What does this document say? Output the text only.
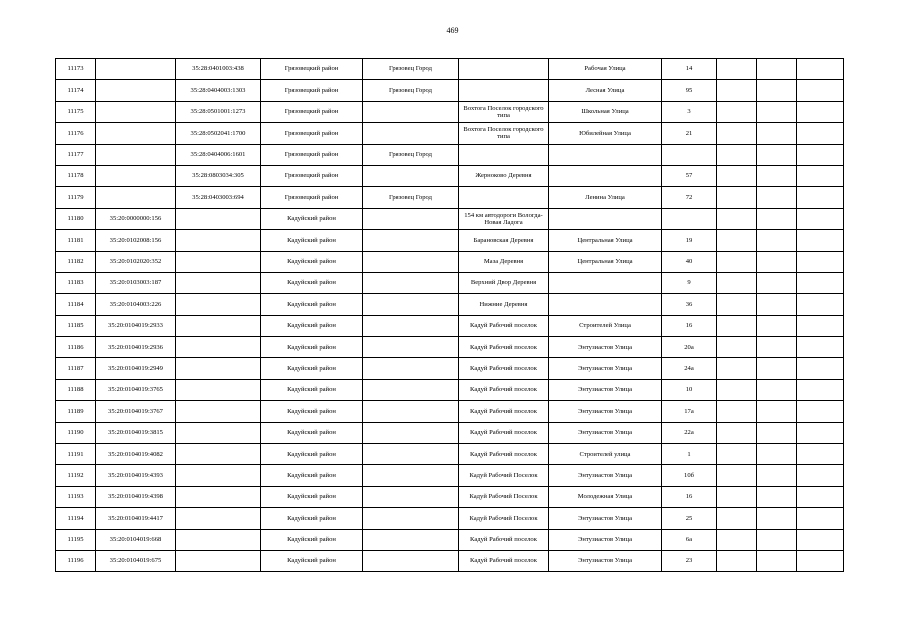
469
11173		35:28:0401003:438	Грязовецкий район	Грязовец Город		Рабочая Улица	14			
11174		35:28:0404003:1303	Грязовецкий район	Грязовец Город		Лесная Улица	95			
11175		35:28:0501001:1273	Грязовецкий район		Вохтога Поселок городского типа	Школьная Улица	3			
11176		35:28:0502041:1700	Грязовецкий район		Вохтога Поселок городского типа	Юбилейная Улица	21			
11177		35:28:0404006:1601	Грязовецкий район	Грязовец Город						
11178		35:28:0803034:305	Грязовецкий район		Жерноково Деревня		57			
11179		35:28:0403003:694	Грязовецкий район	Грязовец Город		Ленина Улица	72			
11180	35:20:0000000:156		Кадуйский район		154 км автодороги Вологда-Новая Ладога					
11181	35:20:0102008:156		Кадуйский район		Барановская Деревня	Центральная Улица	19			
11182	35:20:0102020:352		Кадуйский район		Маза Деревня	Центральная Улица	40			
11183	35:20:0103003:187		Кадуйский район		Верхний Двор Деревня		9			
11184	35:20:0104003:226		Кадуйский район		Нижние Деревня		36			
11185	35:20:0104019:2933		Кадуйский район		Кадуй Рабочий поселок	Строителей Улица	16			
11186	35:20:0104019:2936		Кадуйский район		Кадуй Рабочий поселок	Энтузиастов Улица	20а			
11187	35:20:0104019:2949		Кадуйский район		Кадуй Рабочий поселок	Энтузиастов Улица	24а			
11188	35:20:0104019:3765		Кадуйский район		Кадуй Рабочий поселок	Энтузиастов Улица	10			
11189	35:20:0104019:3767		Кадуйский район		Кадуй Рабочий поселок	Энтузиастов Улица	17а			
11190	35:20:0104019:3815		Кадуйский район		Кадуй Рабочий поселок	Энтузиастов Улица	22а			
11191	35:20:0104019:4082		Кадуйский район		Кадуй Рабочий поселок	Строителей улица	1			
11192	35:20:0104019:4393		Кадуйский район		Кадуй Рабочий Поселок	Энтузиастов Улица	10б			
11193	35:20:0104019:4398		Кадуйский район		Кадуй Рабочий Поселок	Молодежная Улица	16			
11194	35:20:0104019:4417		Кадуйский район		Кадуй Рабочий Поселок	Энтузиастов Улица	25			
11195	35:20:0104019:668		Кадуйский район		Кадуй Рабочий поселок	Энтузиастов Улица	6а			
11196	35:20:0104019:675		Кадуйский район		Кадуй Рабочий поселок	Энтузиастов Улица	23			
